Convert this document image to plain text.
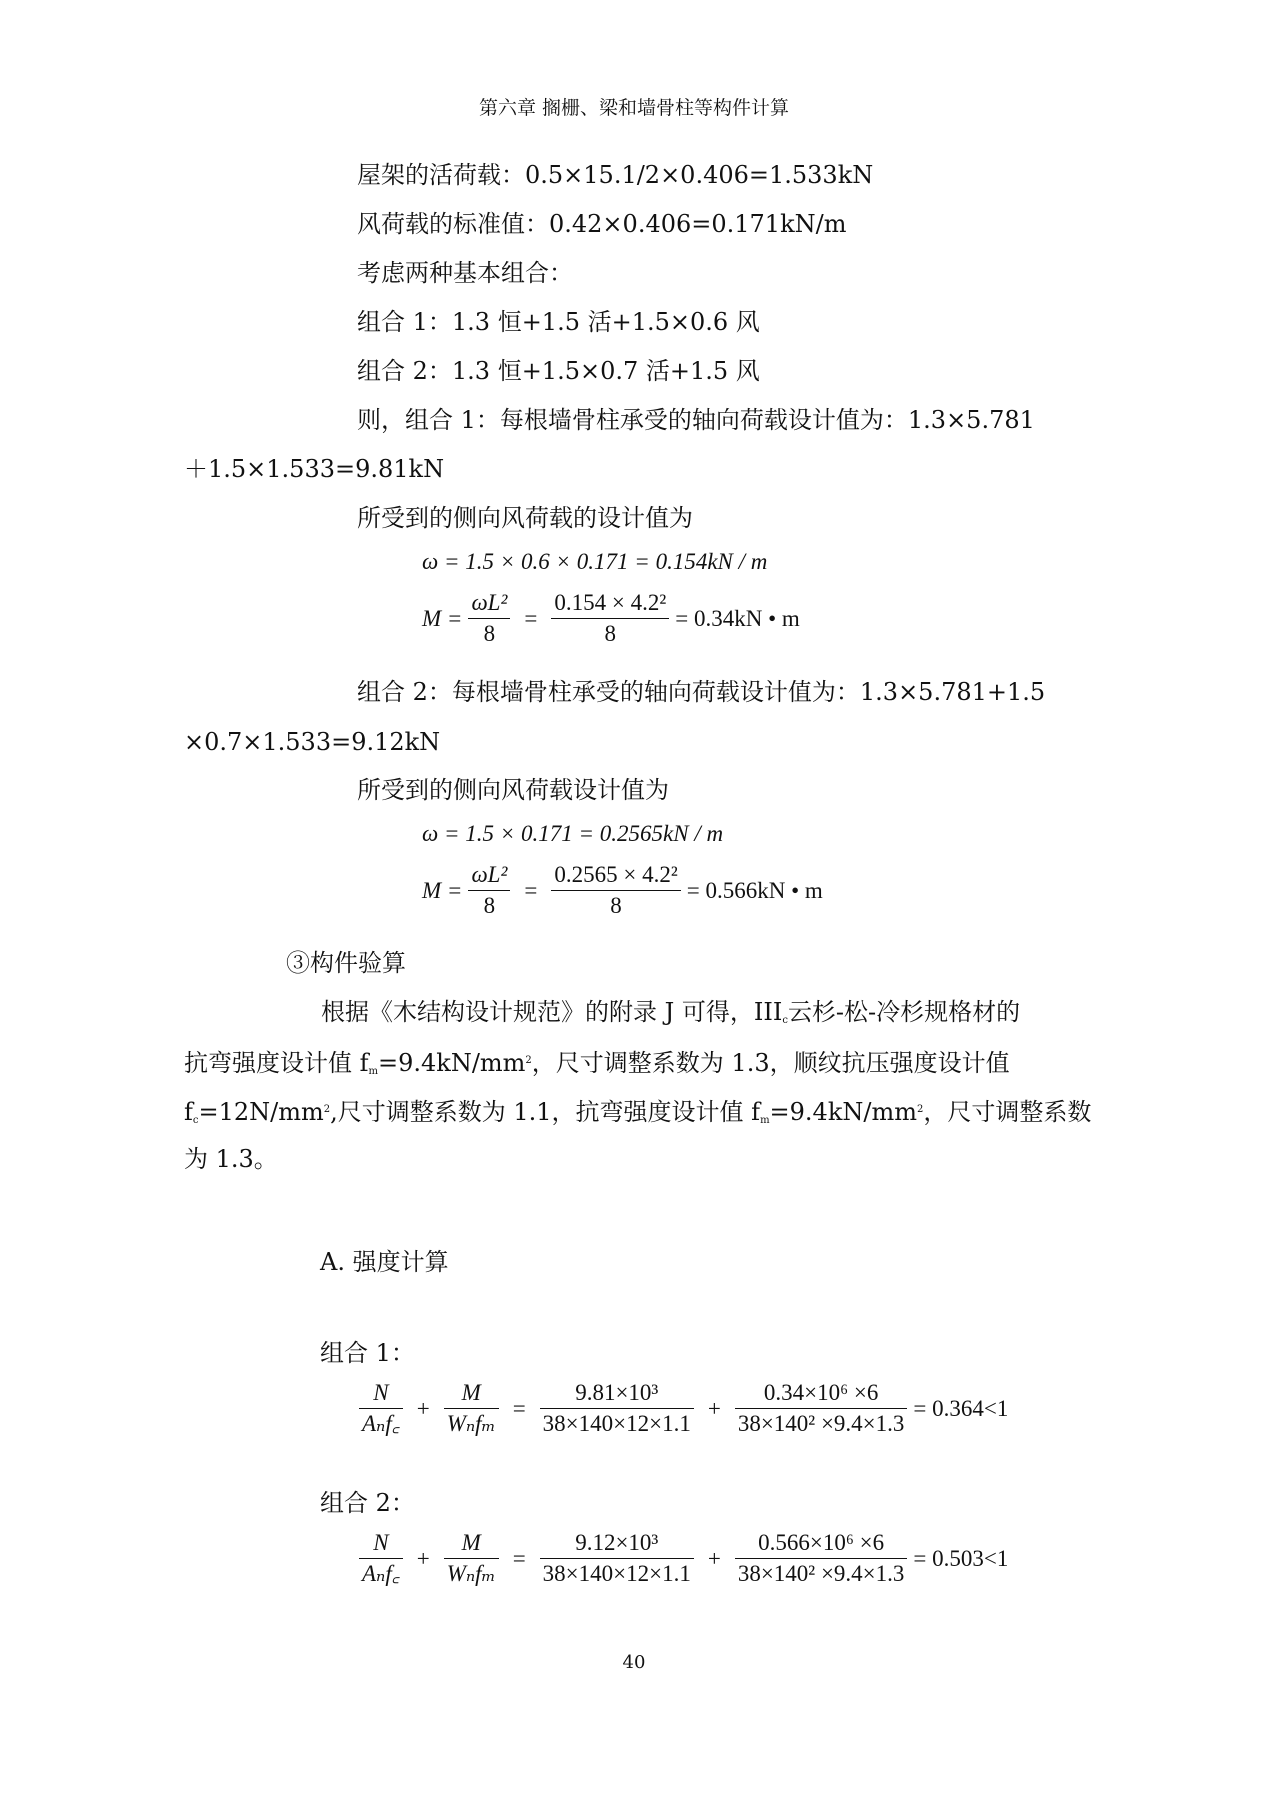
第六章 搁栅、梁和墙骨柱等构件计算
屋架的活荷载：0.5×15.1/2×0.406=1.533kN
风荷载的标准值：0.42×0.406=0.171kN/m
考虑两种基本组合：
组合 1：1.3 恒+1.5 活+1.5×0.6 风
组合 2：1.3 恒+1.5×0.7 活+1.5 风
则，组合 1：每根墙骨柱承受的轴向荷载设计值为：1.3×5.781
＋1.5×1.533=9.81kN
所受到的侧向风荷载的设计值为
ω = 1.5 × 0.6 × 0.171 = 0.154kN / m
$M = \frac{\text{ωL²}}{8} = \frac{\text{0.154 × 4.2²}}{8} = 0.34kN$ • m
组合 2：每根墙骨柱承受的轴向荷载设计值为：1.3×5.781+1.5
×0.7×1.533=9.12kN
所受到的侧向风荷载设计值为
ω = 1.5 × 0.171 = 0.2565kN / m
$M = \frac{\text{ωL²}}{8} = \frac{\text{0.2565 × 4.2²}}{8} = 0.566kN$ • m
③构件验算
根据《木结构设计规范》的附录 J 可得，$III_c$云杉-松-冷杉规格材的
抗弯强度设计值 $f_m=9.4kN/mm^2$，尺寸调整系数为 1.3，顺纹抗压强度设计值
$f_c=12N/mm^2$,尺寸调整系数为 1.1，抗弯强度设计值 $f_m=9.4kN/mm^2$，尺寸调整系数
为 1.3。
A. 强度计算
组合 1：
$\frac{N}{\text{Aₙf꜀}} + \frac{M}{\text{Wₙfₘ}} = \frac{\text{9.81×10³}}{38\times 140\times 12\times 1.1} + \frac{\text{0.34×10⁶ ×6}}{\text{38×140² ×9.4×1.3}} = 0.364<1$
组合 2：
$\frac{N}{\text{Aₙf꜀}} + \frac{M}{\text{Wₙfₘ}} = \frac{\text{9.12×10³}}{38\times 140\times 12\times 1.1} + \frac{\text{0.566×10⁶ ×6}}{\text{38×140² ×9.4×1.3}} = 0.503<1$
40
